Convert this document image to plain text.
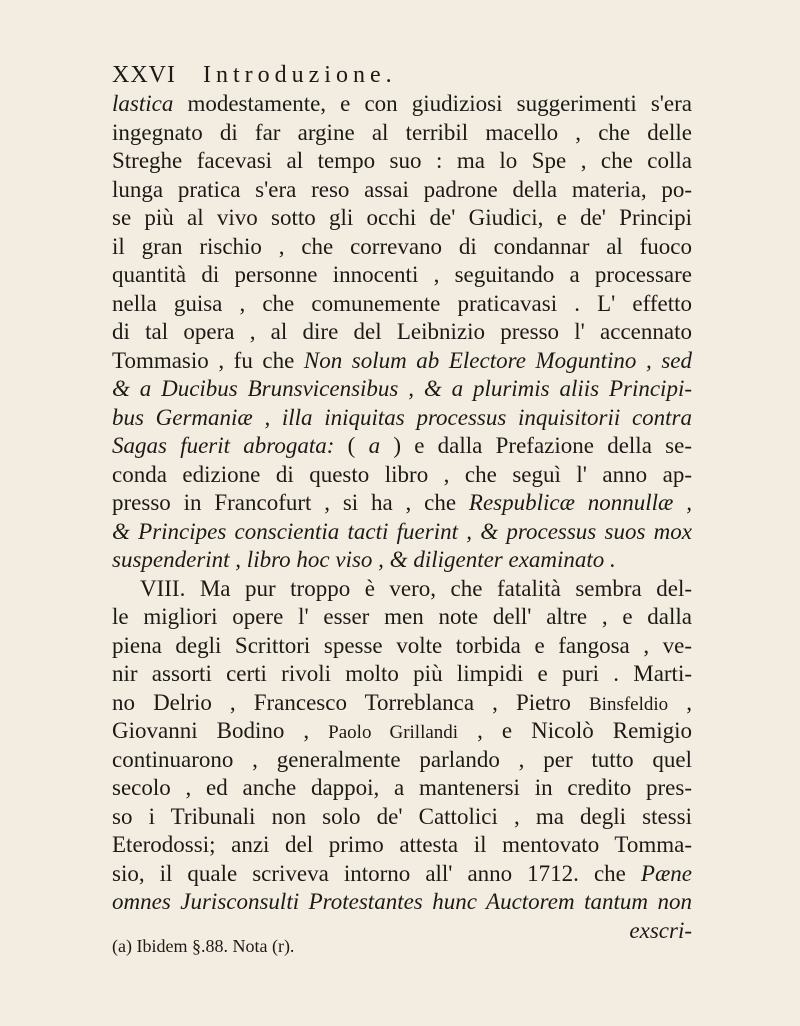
XXVI Introduzione.
lastica modestamente, e con giudiziosi suggerimenti s'era
ingegnato di far argine al terribil macello , che delle
Streghe facevasi al tempo suo : ma lo Spe , che colla
lunga pratica s'era reso assai padrone della materia, po-
se più al vivo sotto gli occhi de' Giudici, e de' Principi
il gran rischio , che correvano di condannar al fuoco
quantità di personne innocenti , seguitando a processare
nella guisa , che comunemente praticavasi . L' effetto
di tal opera , al dire del Leibnizio presso l' accennato
Tommasio , fu che Non solum ab Electore Moguntino , sed
& a Ducibus Brunsvicensibus , & a plurimis aliis Principi-
bus Germaniæ , illa iniquitas processus inquisitorii contra
Sagas fuerit abrogata: ( a ) e dalla Prefazione della se-
conda edizione di questo libro , che seguì l' anno ap-
presso in Francofurt , si ha , che Respublicæ nonnullæ ,
& Principes conscientia tacti fuerint , & processus suos mox
suspenderint , libro hoc viso , & diligenter examinato .
VIII. Ma pur troppo è vero, che fatalità sembra del-
le migliori opere l' esser men note dell' altre , e dalla
piena degli Scrittori spesse volte torbida e fangosa , ve-
nir assorti certi rivoli molto più limpidi e puri . Marti-
no Delrio , Francesco Torreblanca , Pietro Binsfeldio ,
Giovanni Bodino , Paolo Grillandi , e Nicolò Remigio
continuarono , generalmente parlando , per tutto quel
secolo , ed anche dappoi, a mantenersi in credito pres-
so i Tribunali non solo de' Cattolici , ma degli stessi
Eterodossi; anzi del primo attesta il mentovato Tomma-
sio, il quale scriveva intorno all' anno 1712. che Pæne
omnes Jurisconsulti Protestantes hunc Auctorem tantum non
exscri-
(a) Ibidem §.88. Nota (r).
